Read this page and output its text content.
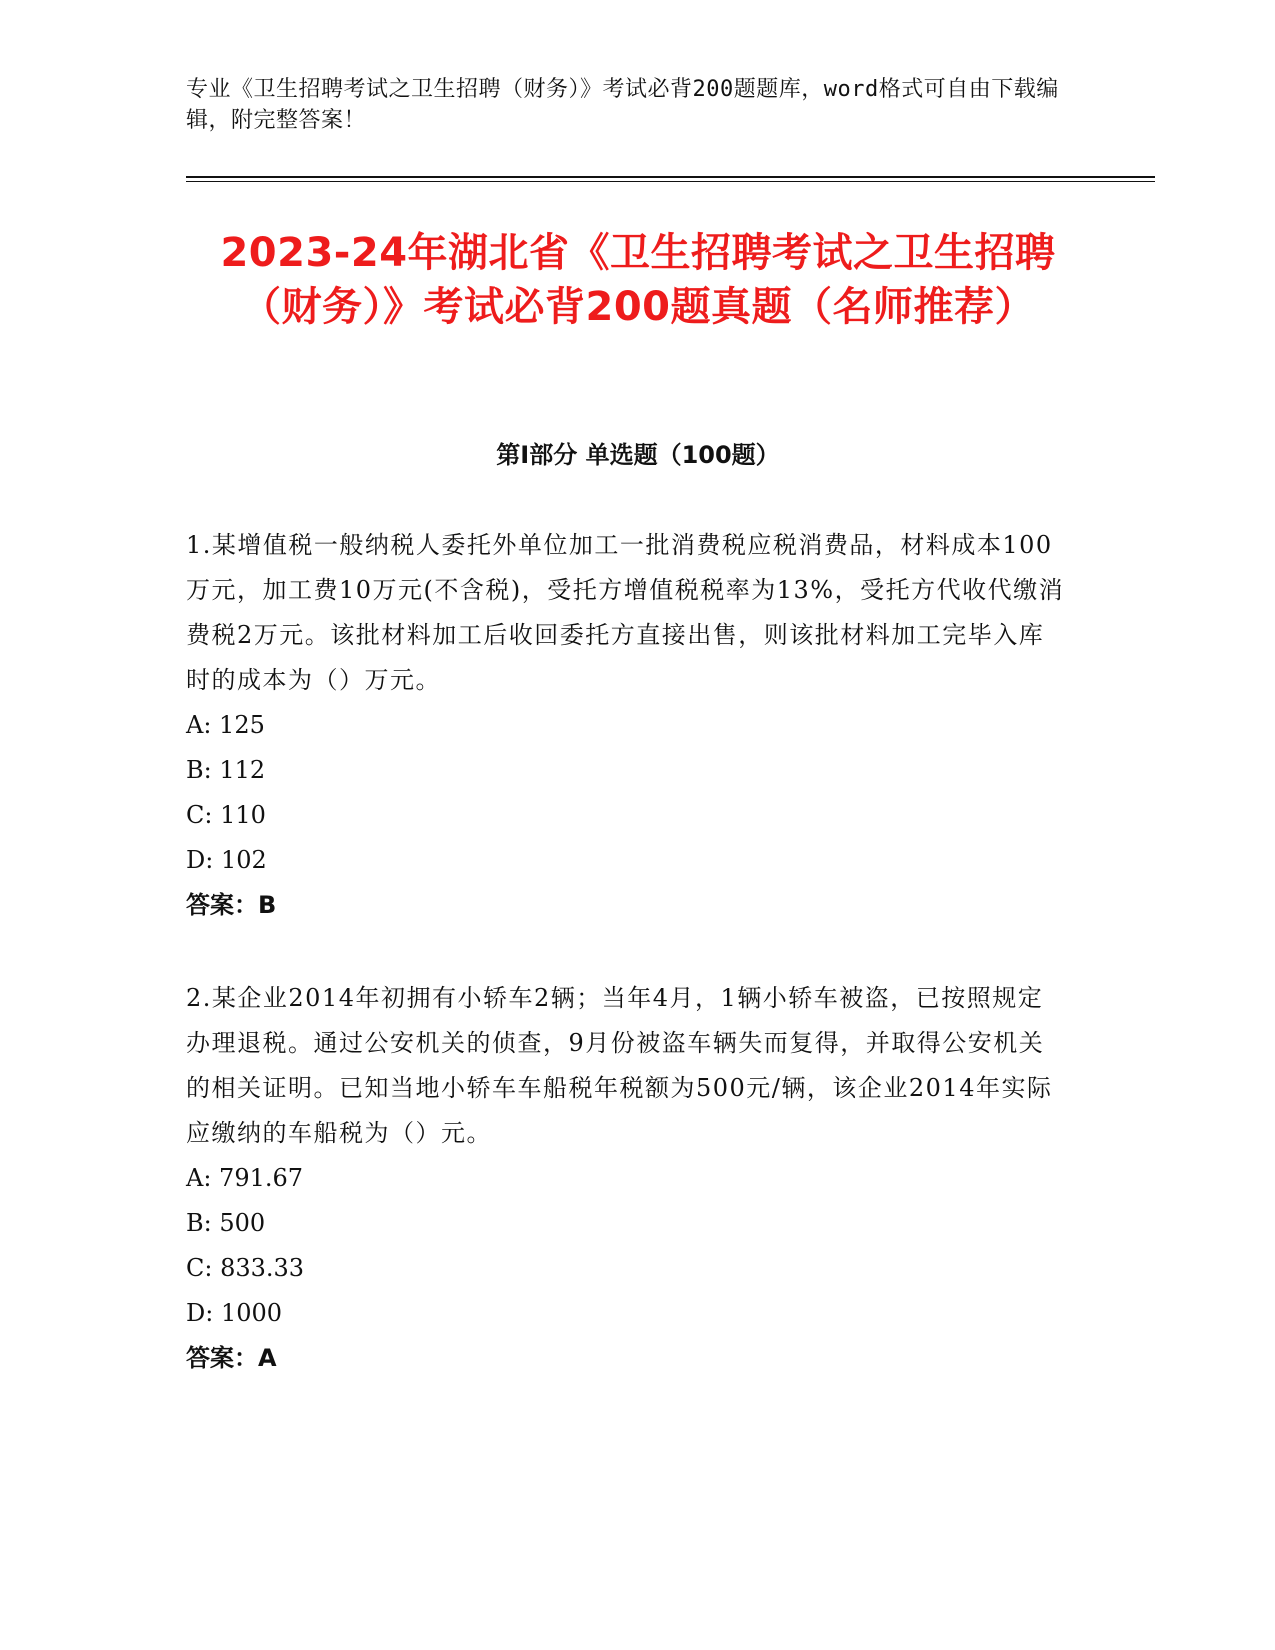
专业《卫生招聘考试之卫生招聘（财务）》考试必背200题题库，word格式可自由下载编辑，附完整答案！
2023-24年湖北省《卫生招聘考试之卫生招聘（财务）》考试必背200题真题（名师推荐）
第I部分 单选题（100题）

1.某增值税一般纳税人委托外单位加工一批消费税应税消费品，材料成本100万元，加工费10万元(不含税)，受托方增值税税率为13%，受托方代收代缴消费税2万元。该批材料加工后收回委托方直接出售，则该批材料加工完毕入库时的成本为（）万元。

A: 125

B: 112

C: 110

D: 102

答案：B

2.某企业2014年初拥有小轿车2辆；当年4月，1辆小轿车被盗，已按照规定办理退税。通过公安机关的侦查，9月份被盗车辆失而复得，并取得公安机关的相关证明。已知当地小轿车车船税年税额为500元/辆，该企业2014年实际应缴纳的车船税为（）元。

A: 791.67

B: 500

C: 833.33

D: 1000

答案：A
